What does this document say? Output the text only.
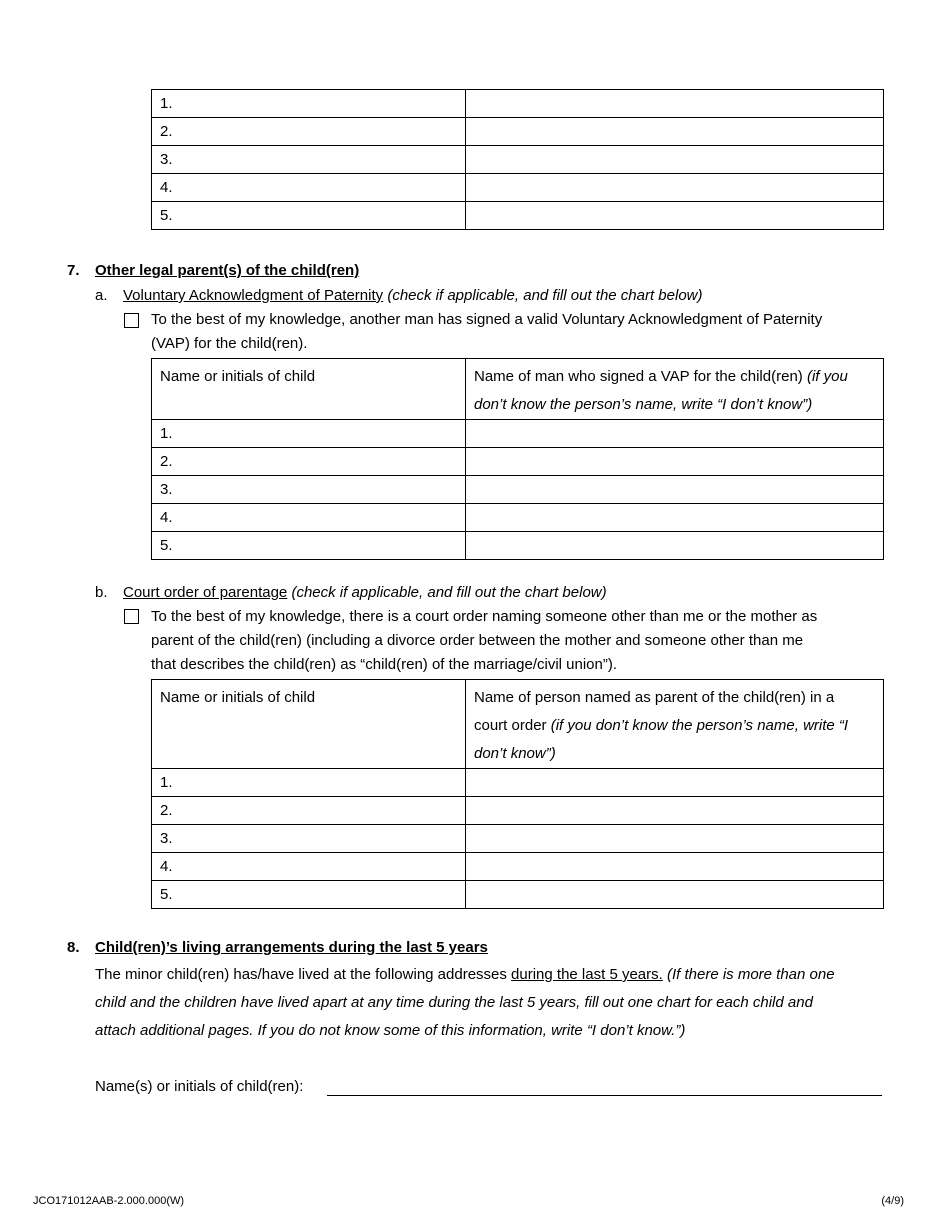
1.	
2.	
3.	
4.	
5.	
7. Other legal parent(s) of the child(ren)
a. Voluntary Acknowledgment of Paternity (check if applicable, and fill out the chart below)
To the best of my knowledge, another man has signed a valid Voluntary Acknowledgment of Paternity
(VAP) for the child(ren).
Name or initials of child	Name of man who signed a VAP for the child(ren) (if you
don’t know the person’s name, write “I don’t know”)
1.	
2.	
3.	
4.	
5.	
b. Court order of parentage (check if applicable, and fill out the chart below)
To the best of my knowledge, there is a court order naming someone other than me or the mother as
parent of the child(ren) (including a divorce order between the mother and someone other than me
that describes the child(ren) as “child(ren) of the marriage/civil union”).
Name or initials of child	Name of person named as parent of the child(ren) in a
court order (if you don’t know the person’s name, write “I
don’t know”)
1.	
2.	
3.	
4.	
5.	
8. Child(ren)’s living arrangements during the last 5 years
The minor child(ren) has/have lived at the following addresses during the last 5 years. (If there is more than one
child and the children have lived apart at any time during the last 5 years, fill out one chart for each child and
attach additional pages. If you do not know some of this information, write “I don’t know.”)
Name(s) or initials of child(ren):
JCO171012AAB-2.000.000(W)	(4/9)
